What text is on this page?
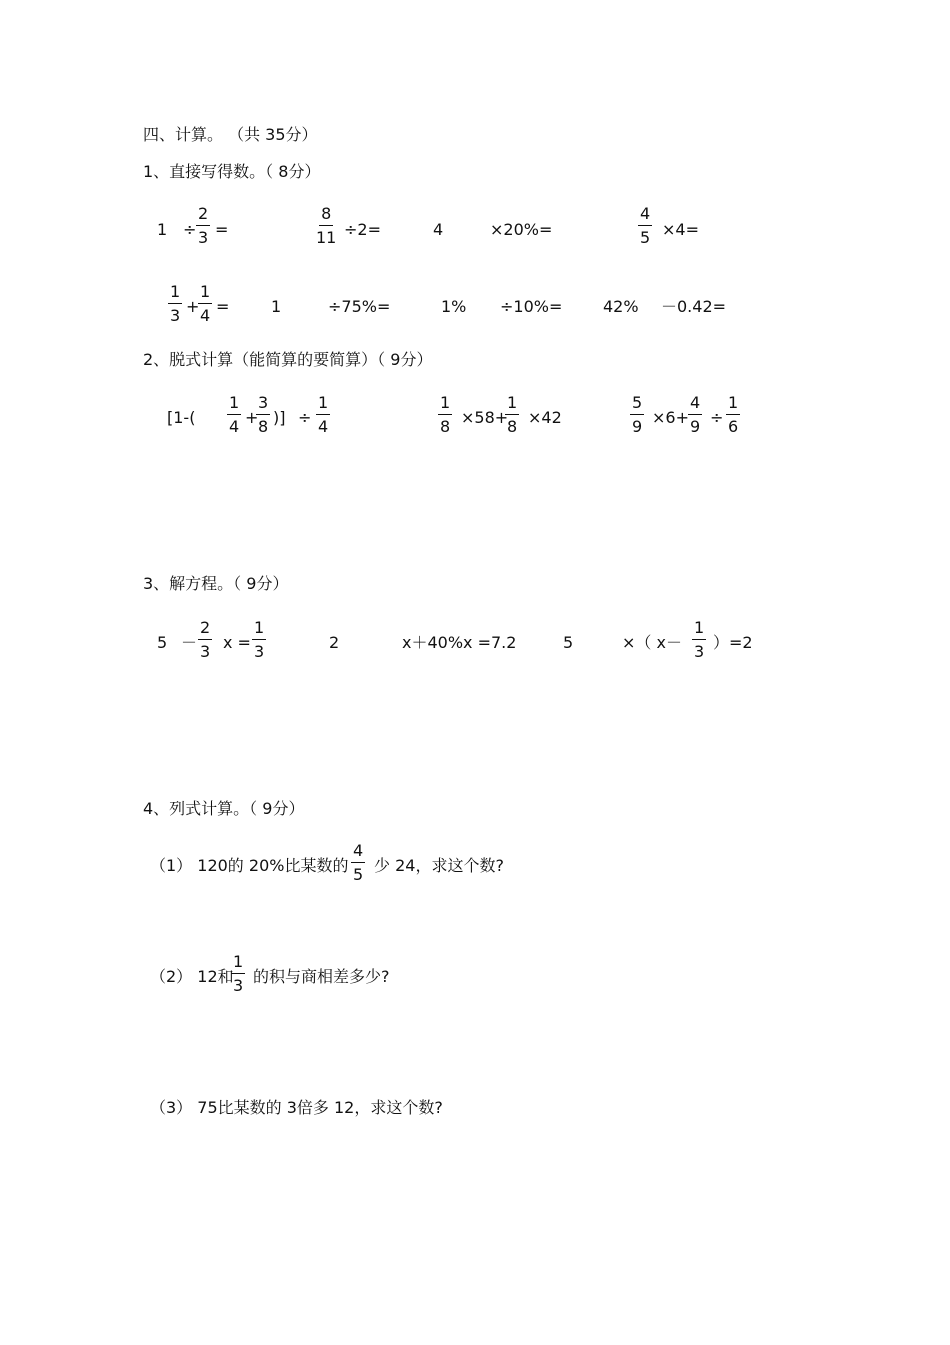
四、计算。 （共 35分）
1、直接写得数。（ 8分）
$1 \div \frac{2}{3}$ =	$\frac{8}{11} \div 2=$	4	×20%=	$\frac{4}{5} \times 4=$
$\frac{1}{3}$ +
$\frac{1}{4}$ =	1	÷75%=	1% ÷10%=	42% －0.42=
2、脱式计算（能简算的要简算）（ 9分）
[$1-( \frac{1}{4}$ +
$\frac{3}{8}$ )] ÷ $\frac{1}{4}$	$\frac{1}{8} \times 58+$
$\frac{1}{8} \times 42$	$\frac{5}{9} \times 6+ \frac{4}{9} \div \frac{1}{6}$
3、解方程。（ 9分）
$5 - \frac{2}{3}$ $x = \frac{1}{3}$	2	x＋40%x =7.2	5	×（ $x- \frac{1}{3} )=2$
4、列式计算。（ 9分）
（1） 120的 20%比某数的 $\frac{4}{5}$ 少 24，求这个数?
（2） 12和
$\frac{1}{3}$ 的积与商相差多少?
（3） 75比某数的 3倍多 12，求这个数?
